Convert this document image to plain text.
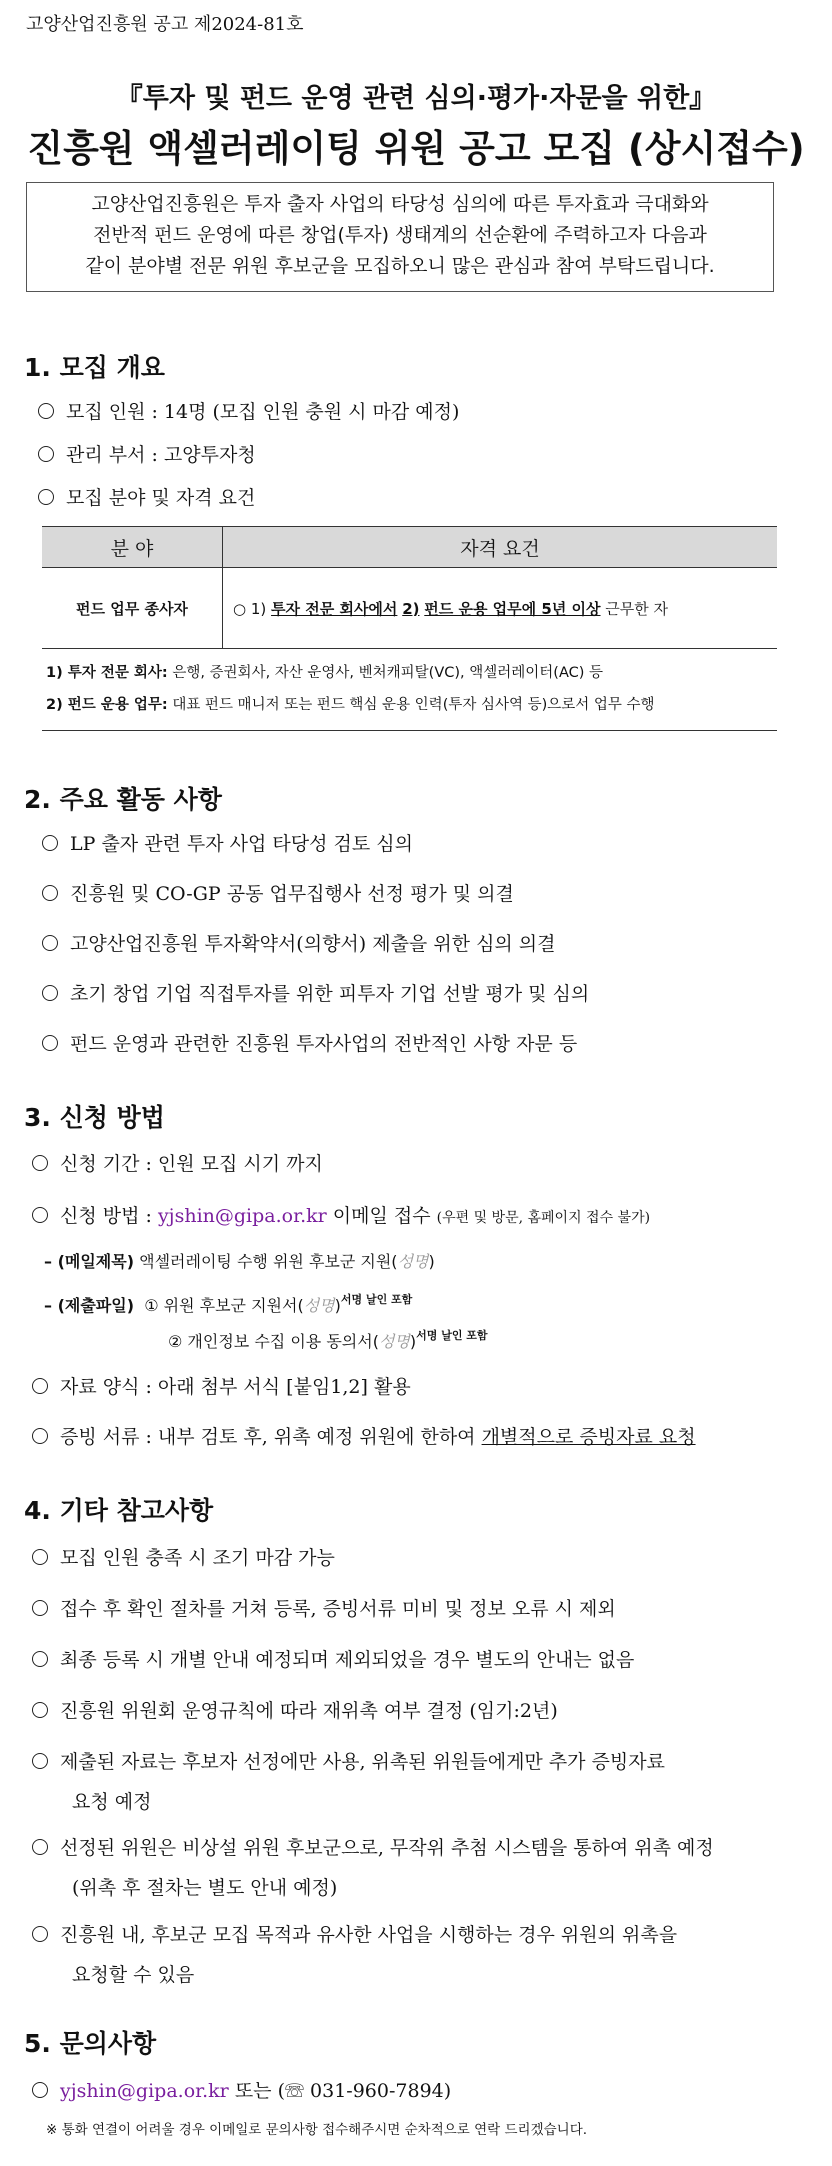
고양산업진흥원 공고 제2024-81호
『투자 및 펀드 운영 관련 심의·평가·자문을 위한』
진흥원 액셀러레이팅 위원 공고 모집 (상시접수)
고양산업진흥원은 투자 출자 사업의 타당성 심의에 따른 투자효과 극대화와
전반적 펀드 운영에 따른 창업(투자) 생태계의 선순환에 주력하고자 다음과
같이 분야별 전문 위원 후보군을 모집하오니 많은 관심과 참여 부탁드립니다.
1. 모집 개요
모집 인원 : 14명 (모집 인원 충원 시 마감 예정)
관리 부서 : 고양투자청
모집 분야 및 자격 요건
분 야	자격 요건
펀드 업무 종사자	○ 1) 투자 전문 회사에서 2) 펀드 운용 업무에 5년 이상 근무한 자
1) 투자 전문 회사: 은행, 증권회사, 자산 운영사, 벤처캐피탈(VC), 액셀러레이터(AC) 등
2) 펀드 운용 업무: 대표 펀드 매니저 또는 펀드 핵심 운용 인력(투자 심사역 등)으로서 업무 수행
2. 주요 활동 사항
LP 출자 관련 투자 사업 타당성 검토 심의
진흥원 및 CO-GP 공동 업무집행사 선정 평가 및 의결
고양산업진흥원 투자확약서(의향서) 제출을 위한 심의 의결
초기 창업 기업 직접투자를 위한 피투자 기업 선발 평가 및 심의
펀드 운영과 관련한 진흥원 투자사업의 전반적인 사항 자문 등
3. 신청 방법
신청 기간 : 인원 모집 시기 까지
신청 방법 : yjshin@gipa.or.kr 이메일 접수 (우편 및 방문, 홈페이지 접수 불가)
– (메일제목) 액셀러레이팅 수행 위원 후보군 지원(성명)
– (제출파일) ① 위원 후보군 지원서(성명)$^{서명 날인 포함}$
② 개인정보 수집 이용 동의서(성명)$^{서명 날인 포함}$
자료 양식 : 아래 첨부 서식 [붙임1,2] 활용
증빙 서류 : 내부 검토 후, 위촉 예정 위원에 한하여 개별적으로 증빙자료 요청
4. 기타 참고사항
모집 인원 충족 시 조기 마감 가능
접수 후 확인 절차를 거쳐 등록, 증빙서류 미비 및 정보 오류 시 제외
최종 등록 시 개별 안내 예정되며 제외되었을 경우 별도의 안내는 없음
진흥원 위원회 운영규칙에 따라 재위촉 여부 결정 (임기:2년)
제출된 자료는 후보자 선정에만 사용, 위촉된 위원들에게만 추가 증빙자료
요청 예정
선정된 위원은 비상설 위원 후보군으로, 무작위 추첨 시스템을 통하여 위촉 예정
(위촉 후 절차는 별도 안내 예정)
진흥원 내, 후보군 모집 목적과 유사한 사업을 시행하는 경우 위원의 위촉을
요청할 수 있음
5. 문의사항
yjshin@gipa.or.kr 또는 (☏ 031-960-7894)
※ 통화 연결이 어려울 경우 이메일로 문의사항 접수해주시면 순차적으로 연락 드리겠습니다.
